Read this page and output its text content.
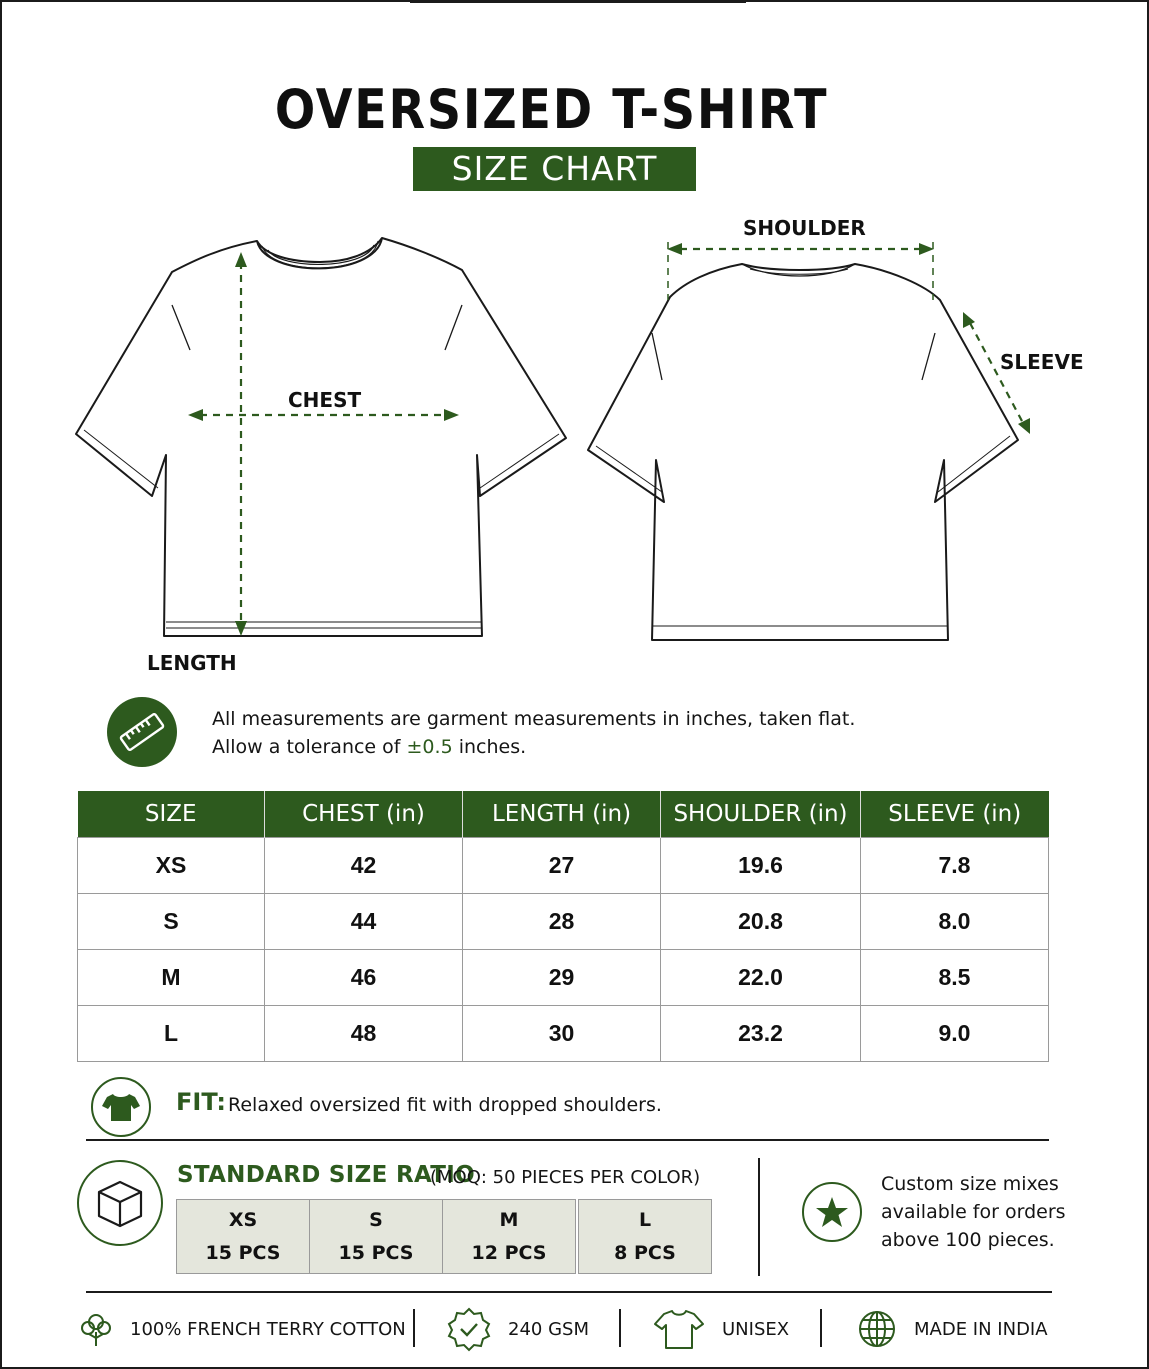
OVERSIZED T-SHIRT
SIZE CHART
CHEST
LENGTH
SHOULDER
SLEEVE
All measurements are garment measurements in inches, taken flat.
Allow a tolerance of ±0.5 inches.
SIZE	CHEST (in)	LENGTH (in)	SHOULDER (in)	SLEEVE (in)
XS	42	27	19.6	7.8
S	44	28	20.8	8.0
M	46	29	22.0	8.5
L	48	30	23.2	9.0
FIT: Relaxed oversized fit with dropped shoulders.
STANDARD SIZE RATIO
(MOQ: 50 PIECES PER COLOR)
XS
15 PCS
S
15 PCS
M
12 PCS
L
8 PCS
Custom size mixes
available for orders
above 100 pieces.
100% FRENCH TERRY COTTON	240 GSM	UNISEX	MADE IN INDIA
